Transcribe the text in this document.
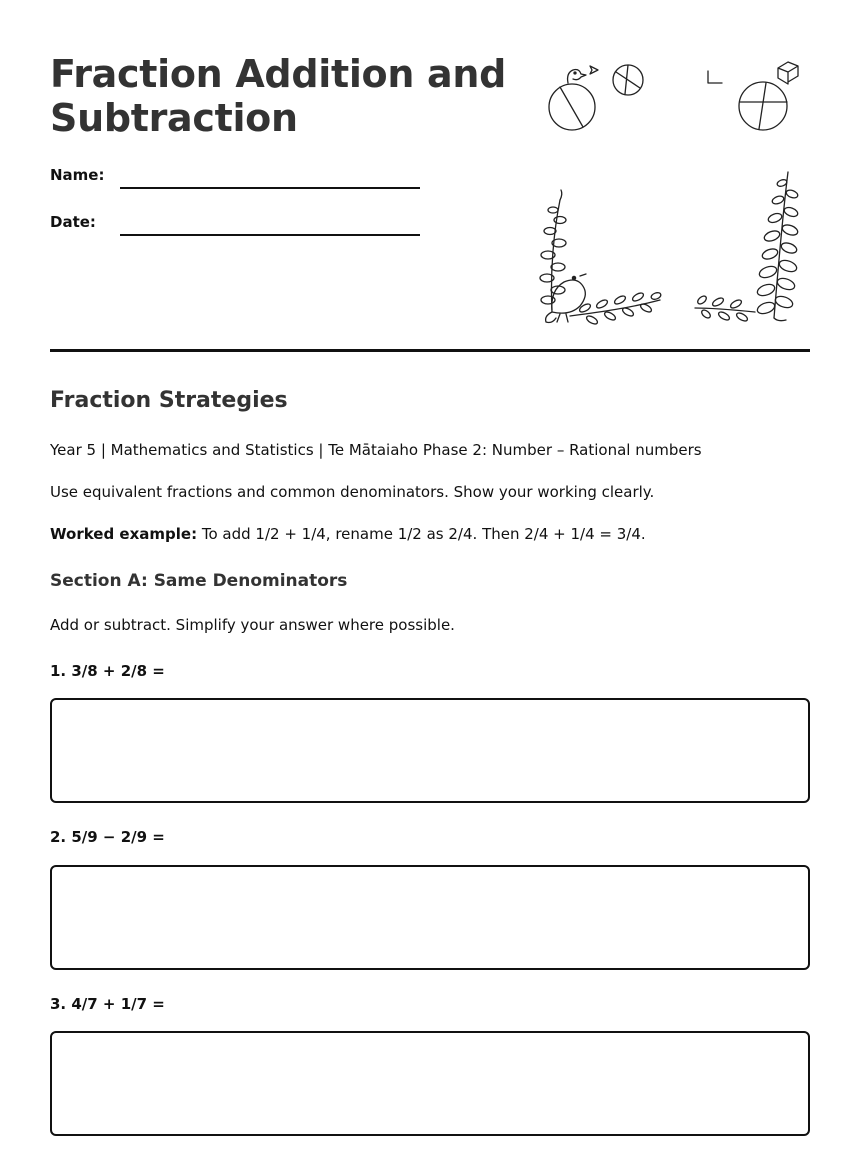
Fraction Addition and Subtraction
Name:
Date:
Fraction Strategies

Year 5 | Mathematics and Statistics | Te Mātaiaho Phase 2: Number – Rational numbers

Use equivalent fractions and common denominators. Show your working clearly.

Worked example: To add 1/2 + 1/4, rename 1/2 as 2/4. Then 2/4 + 1/4 = 3/4.

Section A: Same Denominators

Add or subtract. Simplify your answer where possible.

1. 3/8 + 2/8 =

2. 5/9 − 2/9 =

3. 4/7 + 1/7 =
